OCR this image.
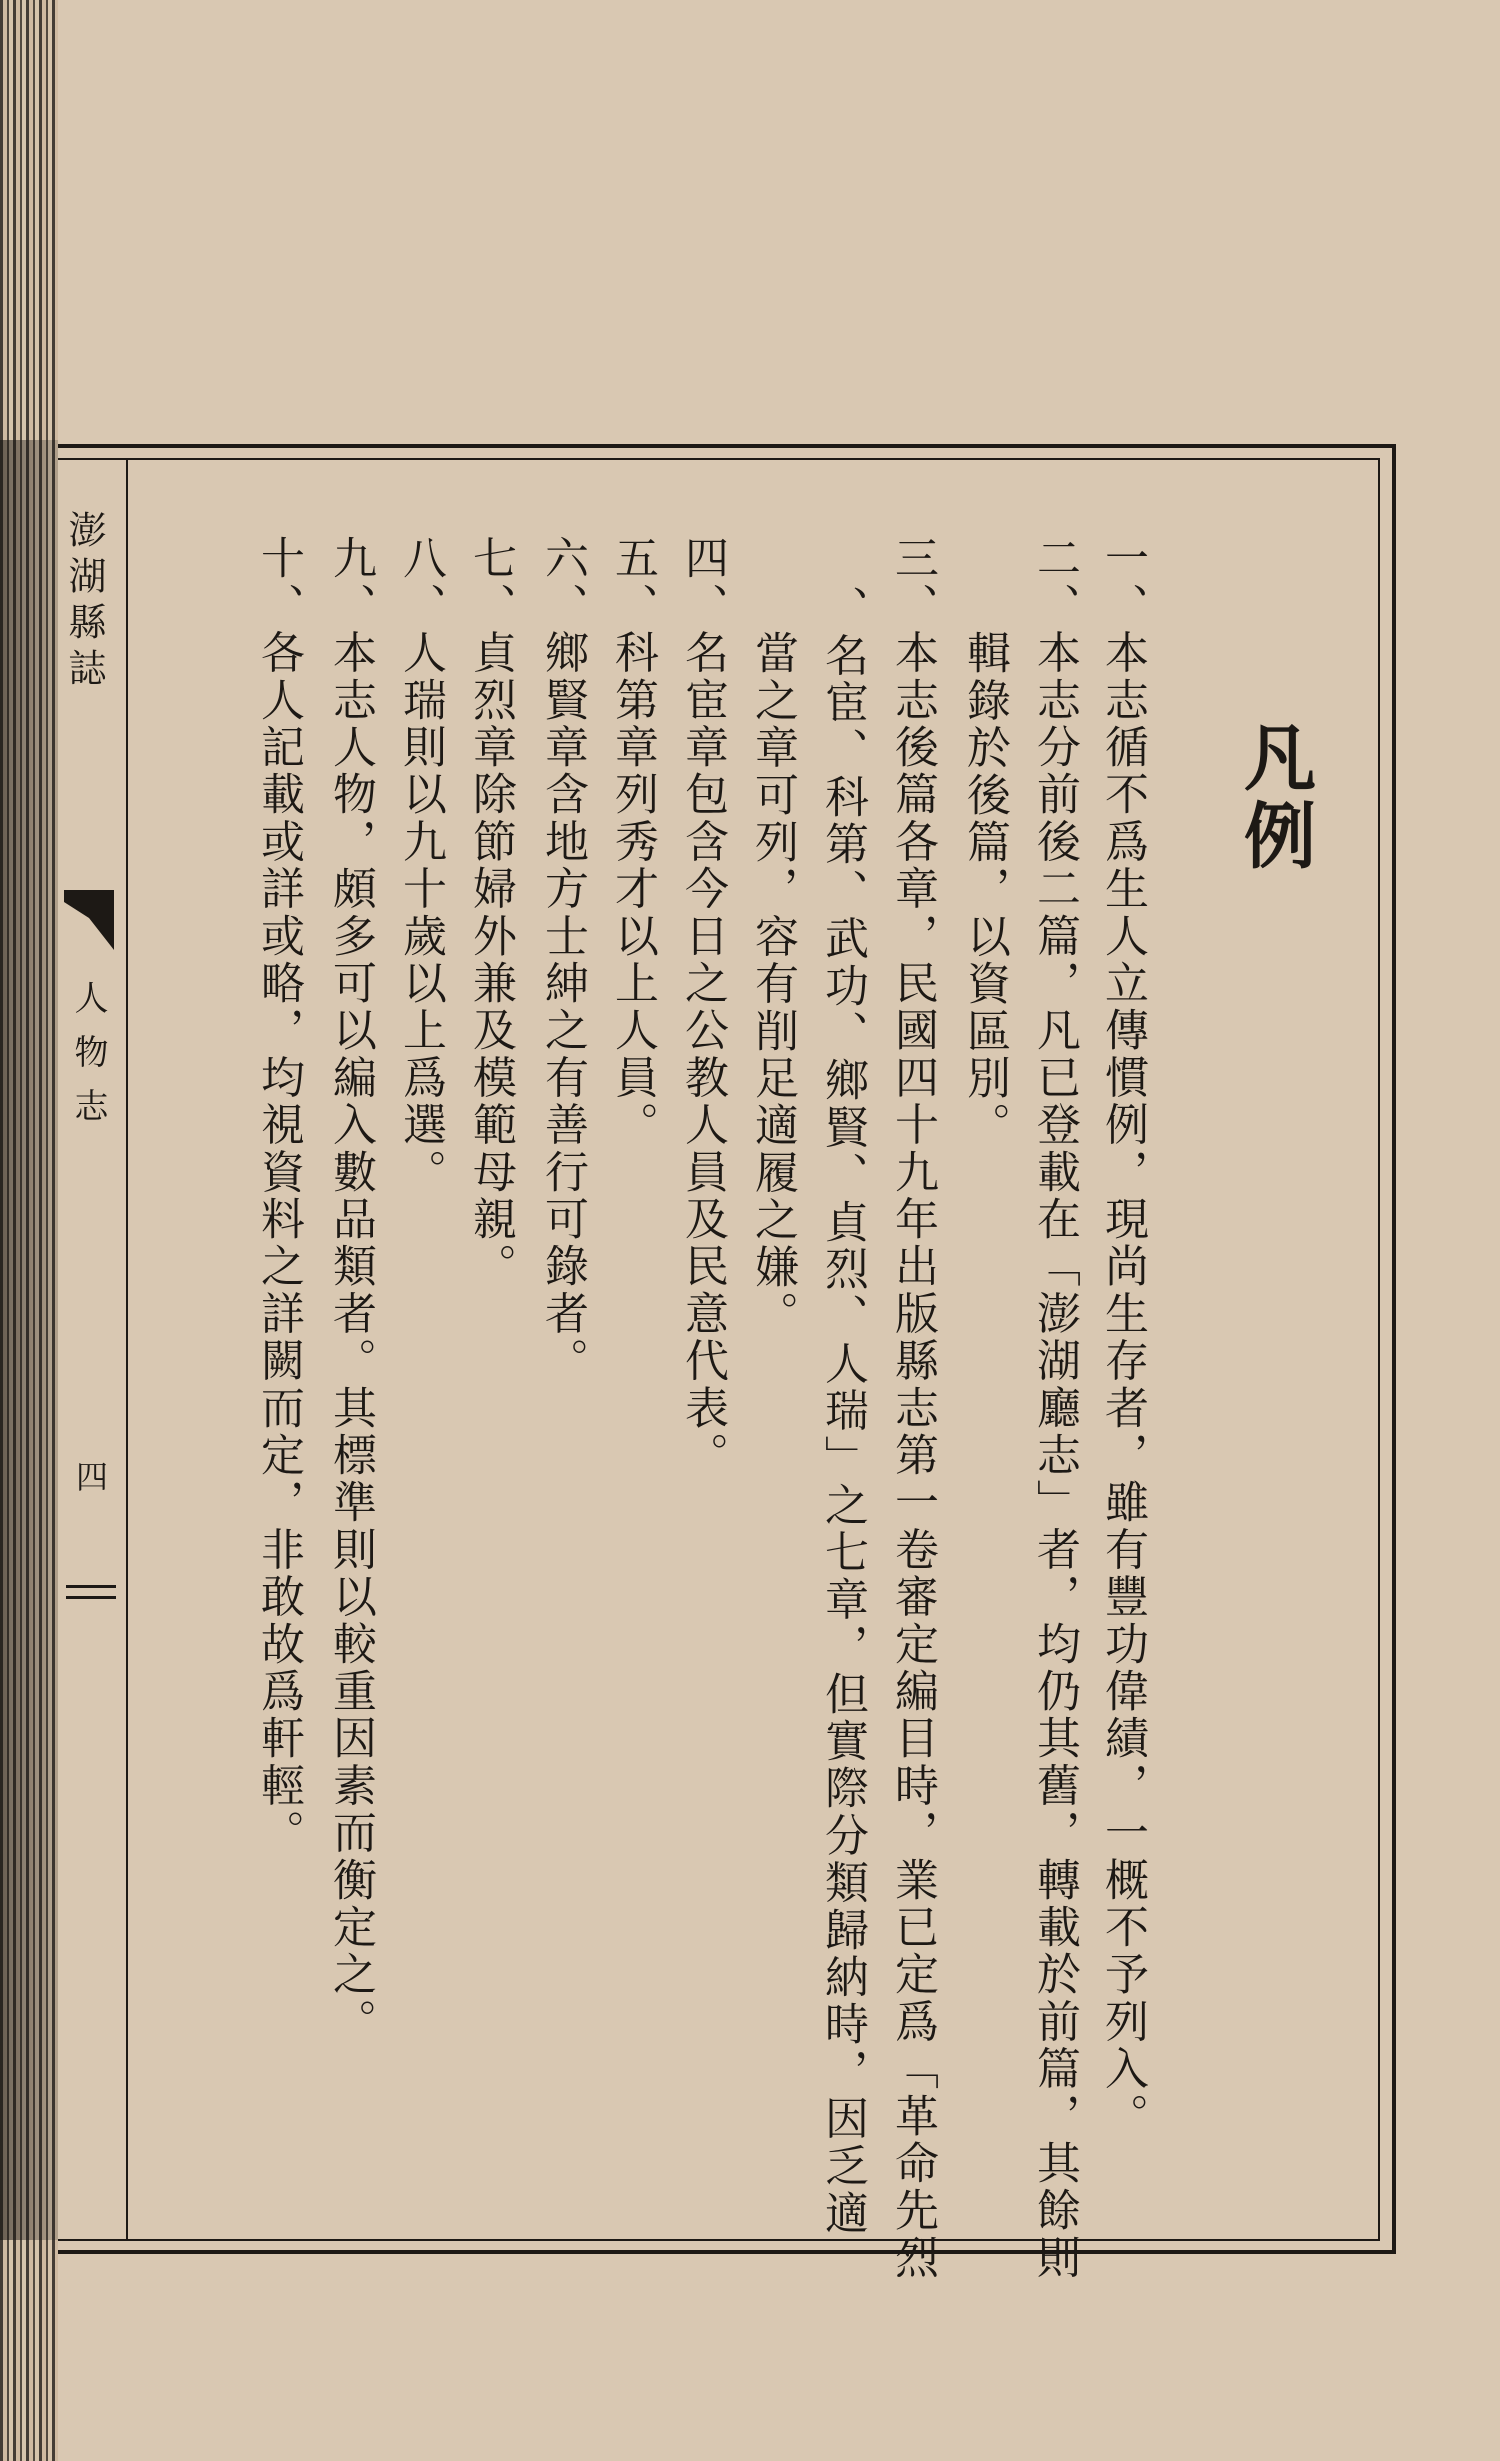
澎湖縣誌
人物志
四
凡例
一、本志循不爲生人立傳慣例，現尚生存者，雖有豐功偉績，一概不予列入。
二、本志分前後二篇，凡已登載在「澎湖廳志」者，均仍其舊，轉載於前篇，其餘則
輯錄於後篇，以資區別。
三、本志後篇各章，民國四十九年出版縣志第一卷審定編目時，業已定爲「革命先烈
、名宦、科第、武功、鄉賢、貞烈、人瑞」之七章，但實際分類歸納時，因乏適
當之章可列，容有削足適履之嫌。
四、名宦章包含今日之公教人員及民意代表。
五、科第章列秀才以上人員。
六、鄉賢章含地方士紳之有善行可錄者。
七、貞烈章除節婦外兼及模範母親。
八、人瑞則以九十歲以上爲選。
九、本志人物，頗多可以編入數品類者。其標準則以較重因素而衡定之。
十、各人記載或詳或略，均視資料之詳闕而定，非敢故爲軒輕。
